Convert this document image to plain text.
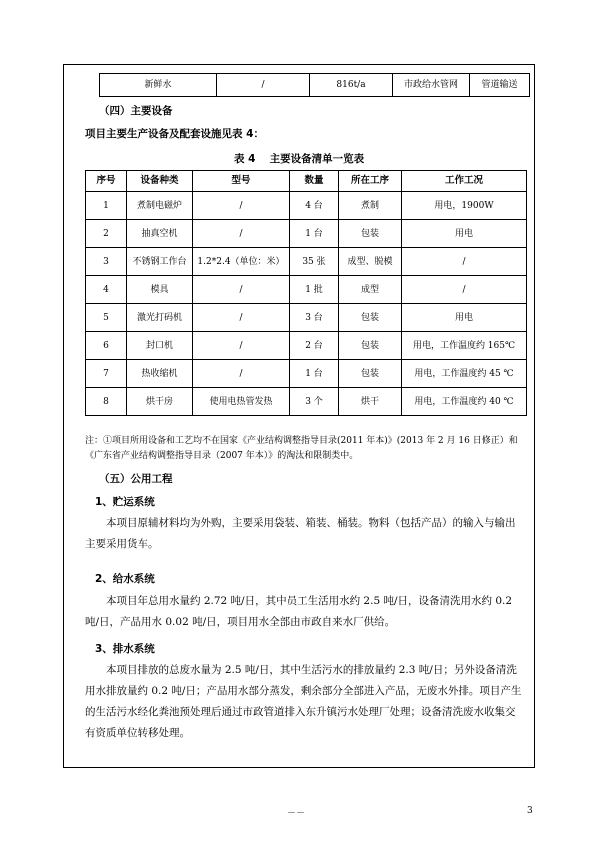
新鲜水	/	816t/a	市政给水管网	管道输送
（四）主要设备
项目主要生产设备及配套设施见表 4：
表 4　 主要设备清单一览表
序号	设备种类	型号	数量	所在工序	工作工况
1	煮制电磁炉	/	4 台	煮制	用电，1900W
2	抽真空机	/	1 台	包装	用电
3	不锈钢工作台	1.2*2.4（单位：米）	35 张	成型、脱模	/
4	模具	/	1 批	成型	/
5	激光打码机	/	3 台	包装	用电
6	封口机	/	2 台	包装	用电，工作温度约 165℃
7	热收缩机	/	1 台	包装	用电，工作温度约 45 ℃
8	烘干房	使用电热管发热	3 个	烘干	用电，工作温度约 40 ℃
注：①项目所用设备和工艺均不在国家《产业结构调整指导目录(2011 年本)》(2013 年 2 月 16 日修正）和《广东省产业结构调整指导目录（2007 年本）》的淘汰和限制类中。
（五）公用工程
1、贮运系统
本项目原辅材料均为外购，主要采用袋装、箱装、桶装。物料（包括产品）的输入与输出主要采用货车。
2、给水系统
本项目年总用水量约 2.72 吨/日，其中员工生活用水约 2.5 吨/日，设备清洗用水约 0.2 吨/日，产品用水 0.02 吨/日，项目用水全部由市政自来水厂供给。
3、排水系统
本项目排放的总废水量为 2.5 吨/日，其中生活污水的排放量约 2.3 吨/日；另外设备清洗用水排放量约 0.2 吨/日；产品用水部分蒸发，剩余部分全部进入产品，无废水外排。项目产生的生活污水经化粪池预处理后通过市政管道排入东升镇污水处理厂处理；设备清洗废水收集交有资质单位转移处理。
－－	3
